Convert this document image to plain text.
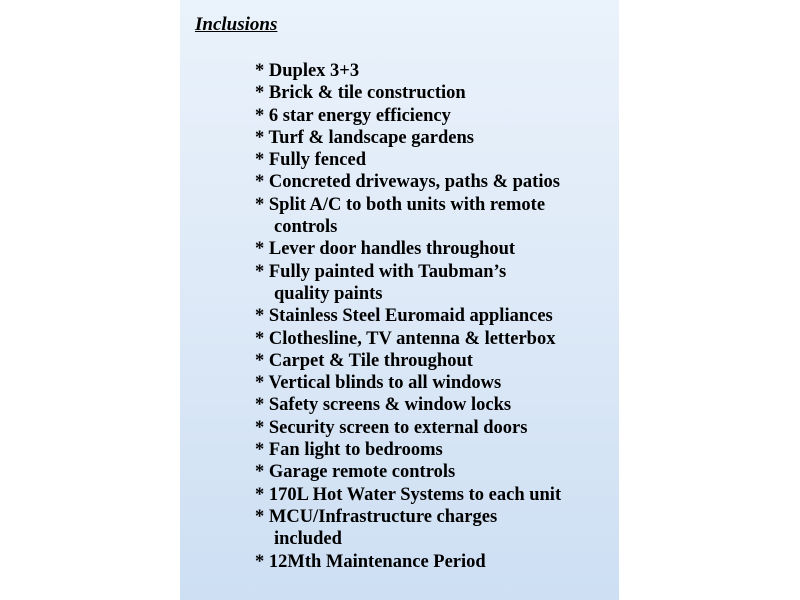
Inclusions
* Duplex 3+3
* Brick & tile construction
* 6 star energy efficiency
* Turf & landscape gardens
* Fully fenced
* Concreted driveways, paths & patios
* Split A/C to both units with remote
controls
* Lever door handles throughout
* Fully painted with Taubman’s
quality paints
* Stainless Steel Euromaid appliances
* Clothesline, TV antenna & letterbox
* Carpet & Tile throughout
* Vertical blinds to all windows
* Safety screens & window locks
* Security screen to external doors
* Fan light to bedrooms
* Garage remote controls
* 170L Hot Water Systems to each unit
* MCU/Infrastructure charges
included
* 12Mth Maintenance Period
